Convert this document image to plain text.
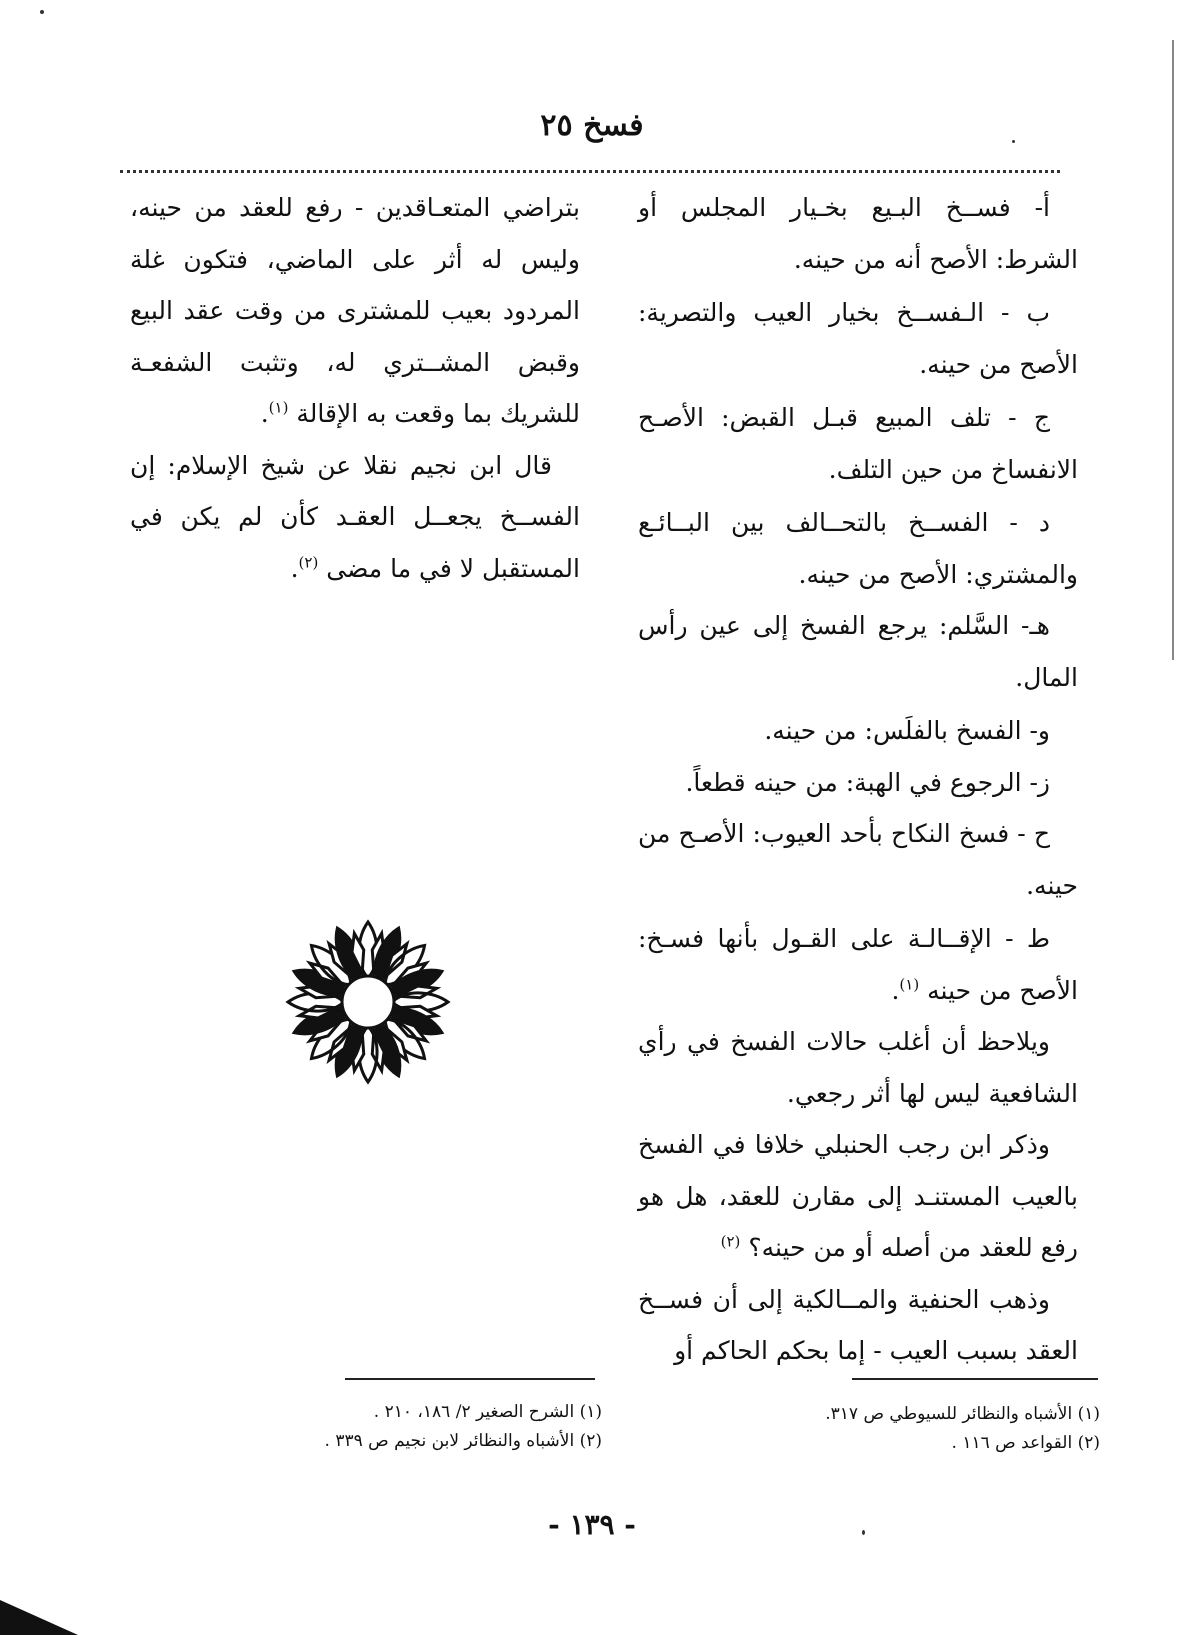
فسخ ٢٥

أ- فســخ البـيع بخـيار المجلس أو الشرط: الأصح أنه من حينه.

ب - الـفســخ بخيار العيب والتصرية: الأصح من حينه.

ج - تلف المبيع قبـل القبض: الأصـح الانفساخ من حين التلف.

د - الفســخ بالتحــالف بين البــائـع والمشتري: الأصح من حينه.

هـ- السَّلم: يرجع الفسخ إلى عين رأس المال.

و- الفسخ بالفلَس: من حينه.

ز- الرجوع في الهبة: من حينه قطعاً.

ح - فسخ النكاح بأحد العيوب: الأصـح من حينه.

ط - الإقــالـة على القـول بأنها فسـخ: الأصح من حينه $^{(١)}$.

ويلاحظ أن أغلب حالات الفسخ في رأي الشافعية ليس لها أثر رجعي.

وذكر ابن رجب الحنبلي خلافا في الفسخ بالعيب المستنـد إلى مقارن للعقد، هل هو رفع للعقد من أصله أو من حينه؟ $^{(٢)}$

وذهب الحنفية والمــالكية إلى أن فســخ العقد بسبب العيب - إما بحكم الحاكم أو

بتراضي المتعـاقدين - رفع للعقد من حينه، وليس له أثر على الماضي، فتكون غلة المردود بعيب للمشترى من وقت عقد البيع وقبض المشــتري له، وتثبت الشفعـة للشريك بما وقعت به الإقالة $^{(١)}$.

قال ابن نجيم نقلا عن شيخ الإسلام: إن الفســخ يجعــل العقـد كأن لم يكن في المستقبل لا في ما مضى $^{(٢)}$.

(١) الأشباه والنظائر للسيوطي ص ٣١٧.
(٢) القواعد ص ١١٦ .
(١) الشرح الصغير ٢/ ١٨٦، ٢١٠ .
(٢) الأشباه والنظائر لابن نجيم ص ٣٣٩ .
- ١٣٩ -
